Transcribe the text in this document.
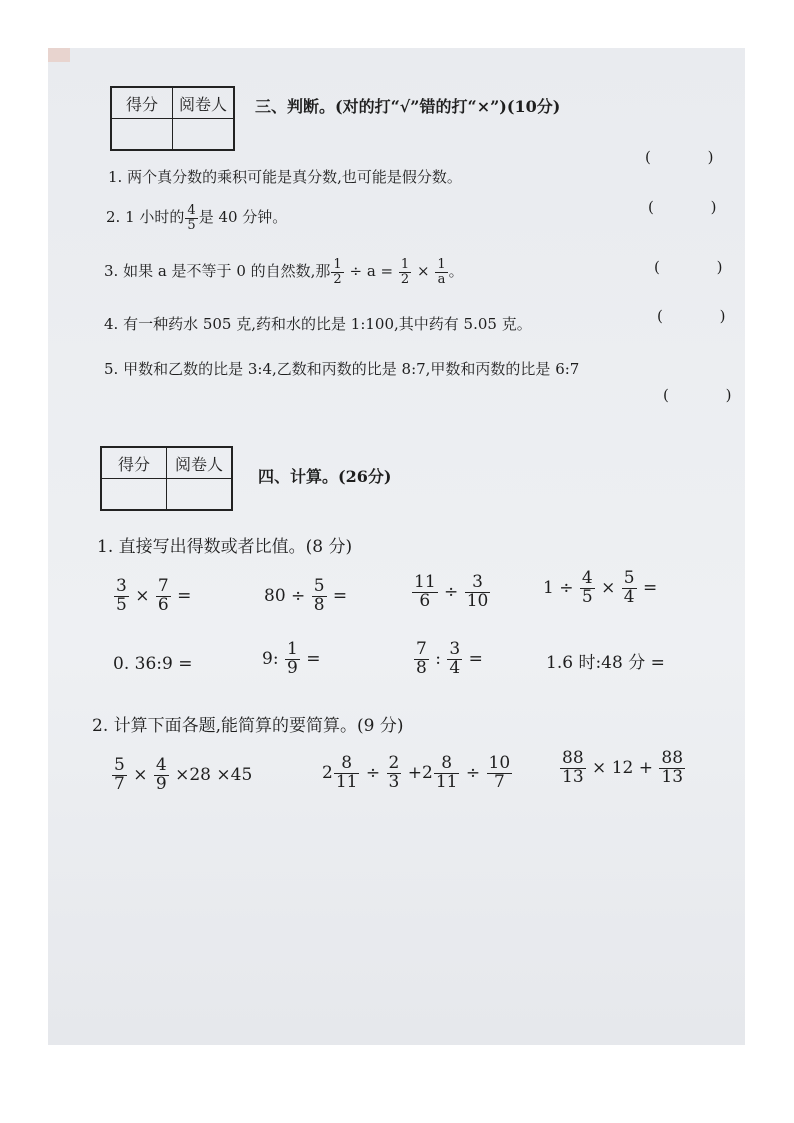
得分	阅卷人
	三、判断。(对的打“√”错的打“×”)(10分)
1. 两个真分数的乘积可能是真分数,也可能是假分数。
( )
2. 1 小时的 $\frac{4}{5}$ 是 40 分钟。
( )
3. 如果 a 是不等于 0 的自然数,那 $\frac{1}{2} \div a = \frac{1}{2} \times \frac{1}{a}$ 。	( )
4. 有一种药水 505 克,药和水的比是 1:100,其中药有 5.05 克。	( )
5. 甲数和乙数的比是 3:4,乙数和丙数的比是 8:7,甲数和丙数的比是 6:7
( )
得分	阅卷人

四、计算。(26分)
1. 直接写出得数或者比值。(8 分)
$\frac{3}{5} \times \frac{7}{6}$ =	$80 \div \frac{5}{8}$ =	$\frac{11}{6} \div \frac{3}{10}$	$1 \div \frac{4}{5} \times \frac{5}{4}$ =
0. 36:9 =	9: $\frac{1}{9}$ =	$\frac{7}{8}$ : $\frac{3}{4}$ =	1.6 时:48 分 =
2. 计算下面各题,能简算的要简算。(9 分)
$\frac{5}{7} \times \frac{4}{9} \times 28 \times 45$	$2 \frac{8}{11} \div \frac{2}{3} +2 \frac{8}{11} \div \frac{10}{7}$	$\frac{88}{13} \times 12 + \frac{88}{13}$
